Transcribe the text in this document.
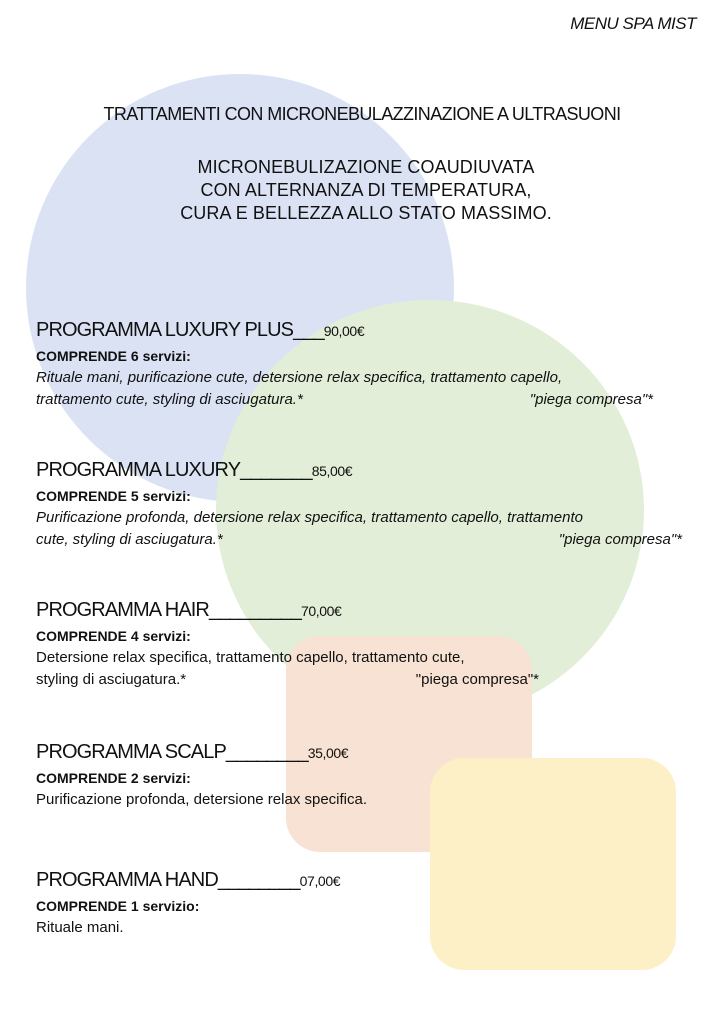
MENU SPA MIST
TRATTAMENTI CON MICRONEBULAZZINAZIONE A ULTRASUONI
MICRONEBULIZAZIONE COAUDIUVATA
CON ALTERNANZA DI TEMPERATURA,
CURA E BELLEZZA ALLO STATO MASSIMO.
PROGRAMMA LUXURY PLUS___90,00€
COMPRENDE 6 servizi:
Rituale mani, purificazione cute, detersione relax specifica, trattamento capello,
trattamento cute, styling di asciugatura.*	"piega compresa"*
PROGRAMMA LUXURY_______85,00€
COMPRENDE 5 servizi:
Purificazione profonda, detersione relax specifica, trattamento capello, trattamento
cute, styling di asciugatura.*	"piega compresa"*
PROGRAMMA HAIR_________70,00€
COMPRENDE 4 servizi:
Detersione relax specifica, trattamento capello, trattamento cute,
styling di asciugatura.*	"piega compresa"*
PROGRAMMA SCALP________35,00€
COMPRENDE 2 servizi:
Purificazione profonda, detersione relax specifica.
PROGRAMMA HAND________07,00€
COMPRENDE 1 servizio:
Rituale mani.
